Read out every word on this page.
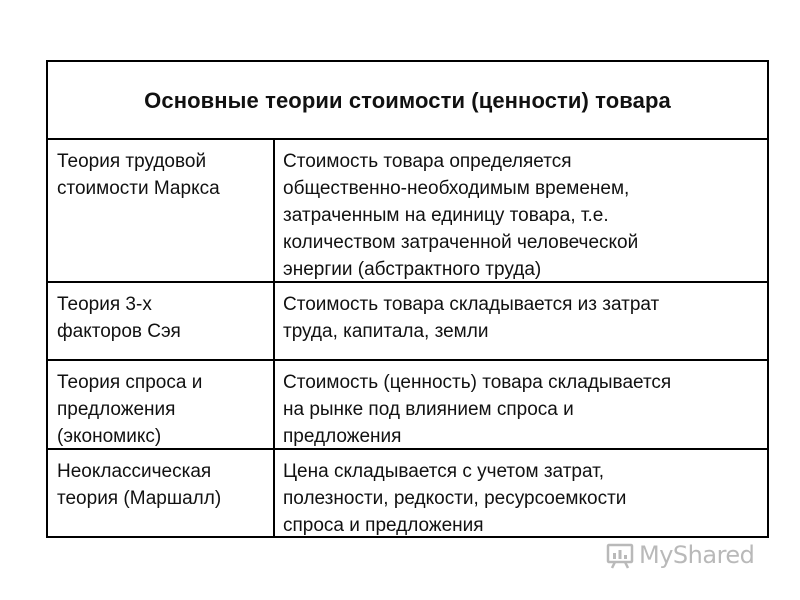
Основные теории стоимости (ценности) товара

Теория трудовой
стоимости Маркса

Стоимость товара определяется
общественно-необходимым временем,
затраченным на единицу товара, т.е.
количеством затраченной человеческой
энергии (абстрактного труда)

Теория 3-х
факторов Сэя

Стоимость товара складывается из затрат
труда, капитала, земли

Теория спроса и
предложения
(экономикс)

Стоимость (ценность) товара складывается
на рынке под влиянием спроса и
предложения

Неоклассическая
теория (Маршалл)

Цена складывается с учетом затрат,
полезности, редкости, ресурсоемкости
спроса и предложения

MyShared
